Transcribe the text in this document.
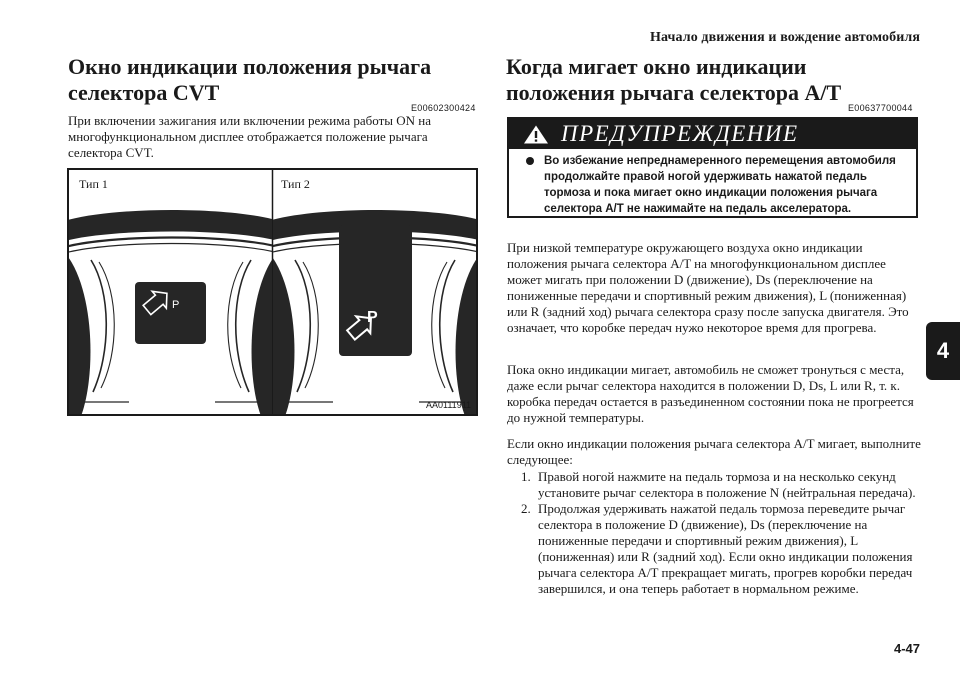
Начало движения и вождение автомобиля
4
Окно индикации положения рычага селектора CVT
E00602300424

При включении зажигания или включении режима работы ON на многофункциональном дисплее отображается положение рычага селектора CVT.

Тип 1
P
Тип 2
P
AA0111911
Когда мигает окно индикации положения рычага селектора A/T
E00637700044
ПРЕДУПРЕЖДЕНИЕ
Во избежание непреднамеренного перемещения автомобиля продолжайте правой ногой удерживать нажатой педаль тормоза и пока мигает окно индикации положения рычага селектора A/T не нажимайте на педаль акселератора.

При низкой температуре окружающего воздуха окно индикации положения рычага селектора A/T на многофункциональном дисплее может мигать при положении D (движение), Ds (переключение на пониженные передачи и спортивный режим движения), L (пониженная) или R (задний ход) рычага селектора сразу после запуска двигателя. Это означает, что коробке передач нужо некоторое время для прогрева.

Пока окно индикации мигает, автомобиль не сможет тронуться с места, даже если рычаг селектора находится в положении D, Ds, L или R, т. к. коробка передач остается в разъединенном состоянии пока не прогреется до нужной температуры.

Если окно индикации положения рычага селектора A/T мигает, выполните следующее:

1. Правой ногой нажмите на педаль тормоза и на несколько секунд установите рычаг селектора в положение N (нейтральная передача).
2. Продолжая удерживать нажатой педаль тормоза переведите рычаг селектора в положение D (движение), Ds (переключение на пониженные передачи и спортивный режим движения), L (пониженная) или R (задний ход). Если окно индикации положения рычага селектора A/T прекращает мигать, прогрев коробки передач завершился, и она теперь работает в нормальном режиме.
4-47
